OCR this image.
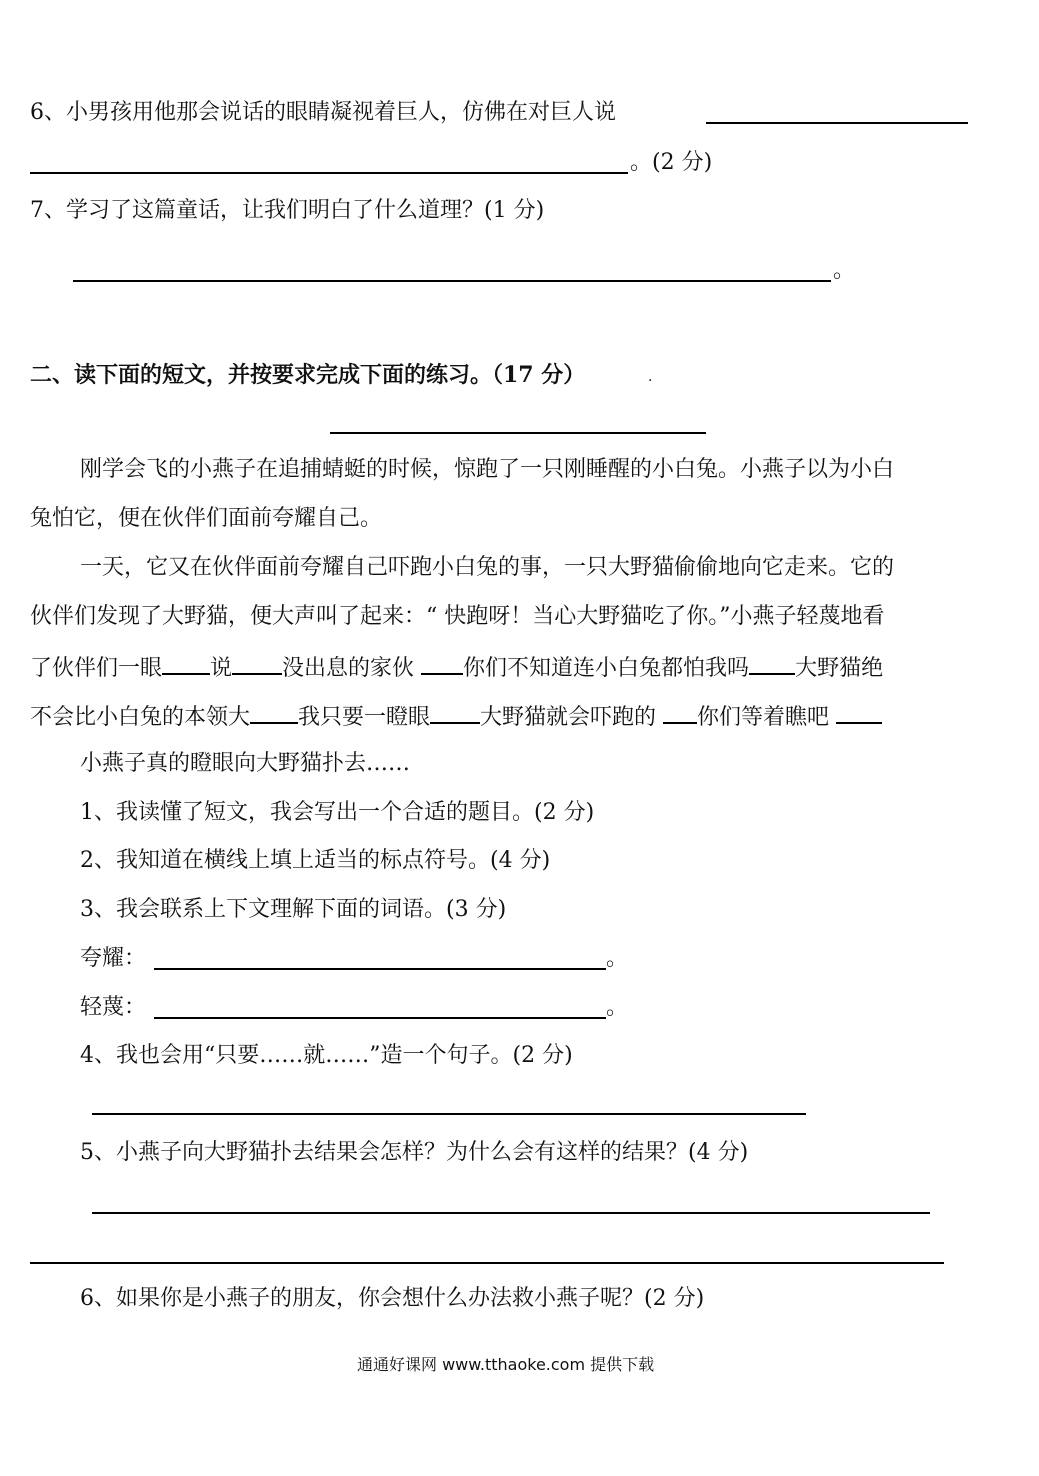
6、小男孩用他那会说话的眼睛凝视着巨人，仿佛在对巨人说
。(2 分)
7、学习了这篇童话，让我们明白了什么道理？(1 分)
。
二、读下面的短文，并按要求完成下面的练习。（17 分）	.
刚学会飞的小燕子在追捕蜻蜓的时候，惊跑了一只刚睡醒的小白兔。小燕子以为小白
兔怕它，便在伙伴们面前夸耀自己。
一天，它又在伙伴面前夸耀自己吓跑小白兔的事，一只大野猫偷偷地向它走来。它的
伙伴们发现了大野猫，便大声叫了起来：“ 快跑呀！当心大野猫吃了你。”小燕子轻蔑地看
了伙伴们一眼 说 没出息的家伙 你们不知道连小白兔都怕我吗 大野猫绝
不会比小白兔的本领大 我只要一瞪眼 大野猫就会吓跑的 你们等着瞧吧
小燕子真的瞪眼向大野猫扑去……
1、我读懂了短文，我会写出一个合适的题目。(2 分)
2、我知道在横线上填上适当的标点符号。(4 分)
3、我会联系上下文理解下面的词语。(3 分)
夸耀：	。
轻蔑：	。
4、我也会用“只要……就……”造一个句子。(2 分)
5、小燕子向大野猫扑去结果会怎样？为什么会有这样的结果？(4 分)
6、如果你是小燕子的朋友，你会想什么办法救小燕子呢？(2 分)
通通好课网 www.tthaoke.com 提供下载
